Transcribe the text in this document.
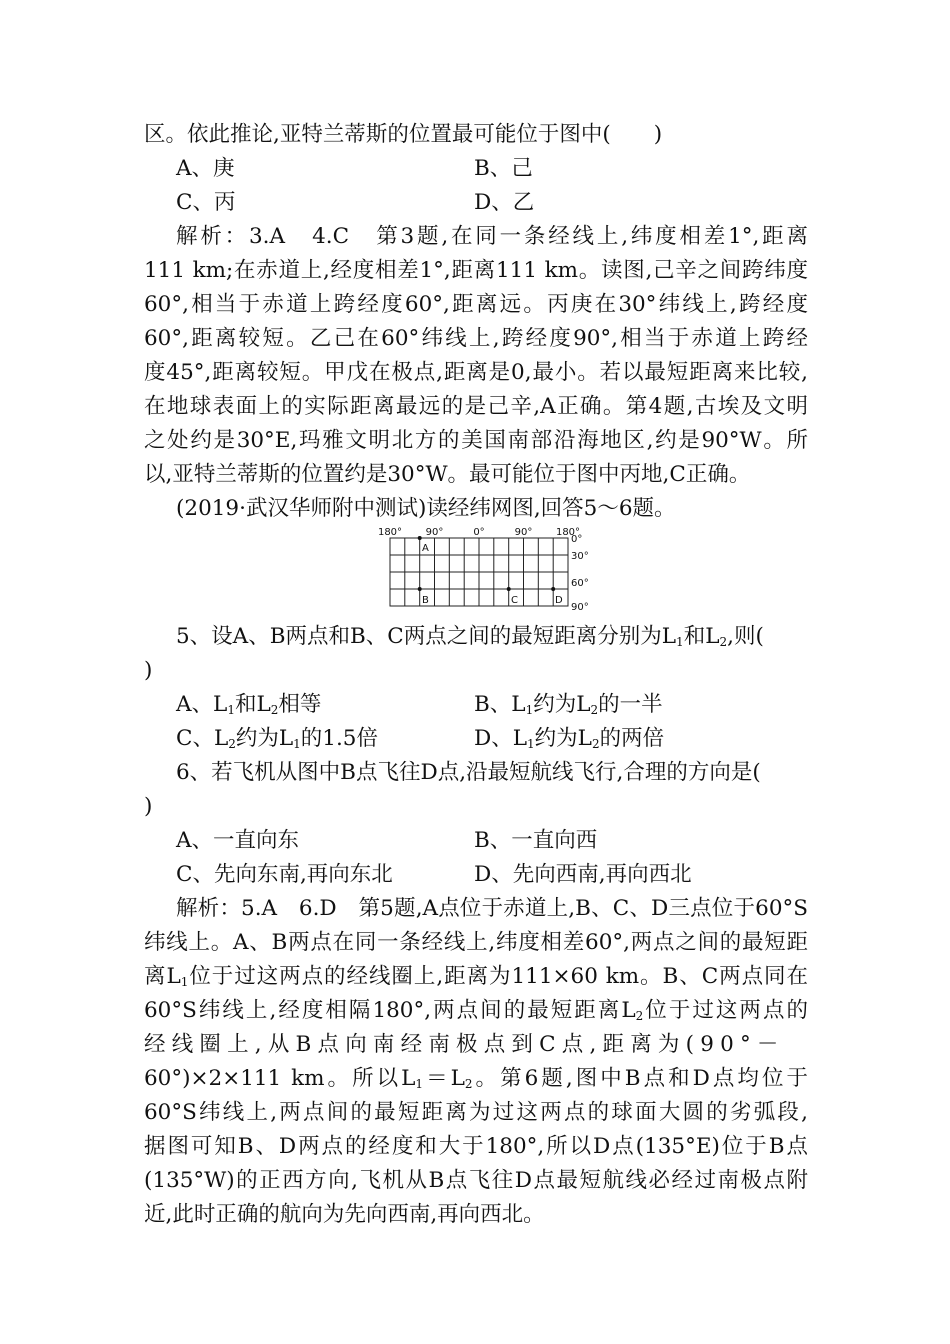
区。依此推论,亚特兰蒂斯的位置最可能位于图中(　　)
A、庚	B、己
C、丙	D、乙
解析：3.A　4.C　第3题,在同一条经线上,纬度相差1°,距离
111 km;在赤道上,经度相差1°,距离111 km。读图,己辛之间跨纬度
60°,相当于赤道上跨经度60°,距离远。丙庚在30°纬线上,跨经度
60°,距离较短。乙己在60°纬线上,跨经度90°,相当于赤道上跨经
度45°,距离较短。甲戊在极点,距离是0,最小。若以最短距离来比较,
在地球表面上的实际距离最远的是己辛,A正确。第4题,古埃及文明
之处约是30°E,玛雅文明北方的美国南部沿海地区,约是90°W。所
以,亚特兰蒂斯的位置约是30°W。最可能位于图中丙地,C正确。
(2019·武汉华师附中测试)读经纬网图,回答5～6题。
180° 90°	0°	90° 180°
0°
30°
60°
90°
A
B	C	D
5、设A、B两点和B、C两点之间的最短距离分别为$L_1$和$L_2$,则(
)
A、$L_1$和$L_2$相等	B、$L_1$约为$L_2$的一半
C、$L_2$约为$L_1$的1.5倍	D、$L_1$约为$L_2$的两倍
6、若飞机从图中B点飞往D点,沿最短航线飞行,合理的方向是(
)
A、一直向东	B、一直向西
C、先向东南,再向东北	D、先向西南,再向西北
解析：5.A　6.D　第5题,A点位于赤道上,B、C、D三点位于60°S
纬线上。A、B两点在同一条经线上,纬度相差60°,两点之间的最短距
离$L_1$位于过这两点的经线圈上,距离为111×60 km。B、C两点同在
60°S纬线上,经度相隔180°,两点间的最短距离$L_2$位于过这两点的
经线圈上,从B点向南经南极点到C点,距离为(90°－
60°)×2×111 km。所以$L_1=L_2$。第6题,图中B点和D点均位于
60°S纬线上,两点间的最短距离为过这两点的球面大圆的劣弧段,
据图可知B、D两点的经度和大于180°,所以D点(135°E)位于B点
(135°W)的正西方向,飞机从B点飞往D点最短航线必经过南极点附
近,此时正确的航向为先向西南,再向西北。
